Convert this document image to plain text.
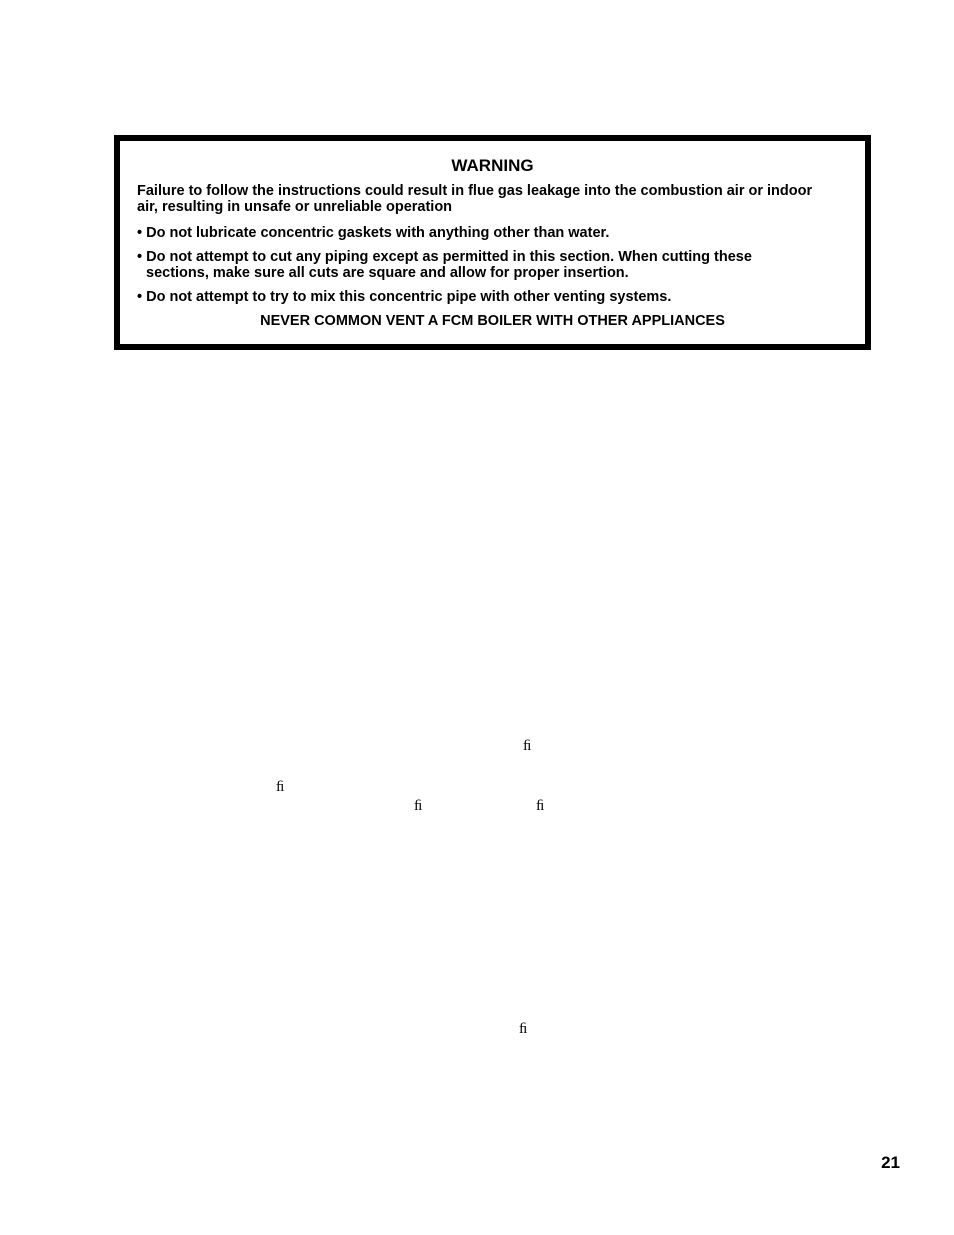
WARNING
Failure to follow the instructions could result in flue gas leakage into the combustion air or indoor
air, resulting in unsafe or unreliable operation
• Do not lubricate concentric gaskets with anything other than water.
• Do not attempt to cut any piping except as permitted in this section. When cutting these
sections, make sure all cuts are square and allow for proper insertion.
• Do not attempt to try to mix this concentric pipe with other venting systems.
NEVER COMMON VENT A FCM BOILER WITH OTHER APPLIANCES
ﬁ
ﬁ
ﬁ	ﬁ
ﬁ
21
